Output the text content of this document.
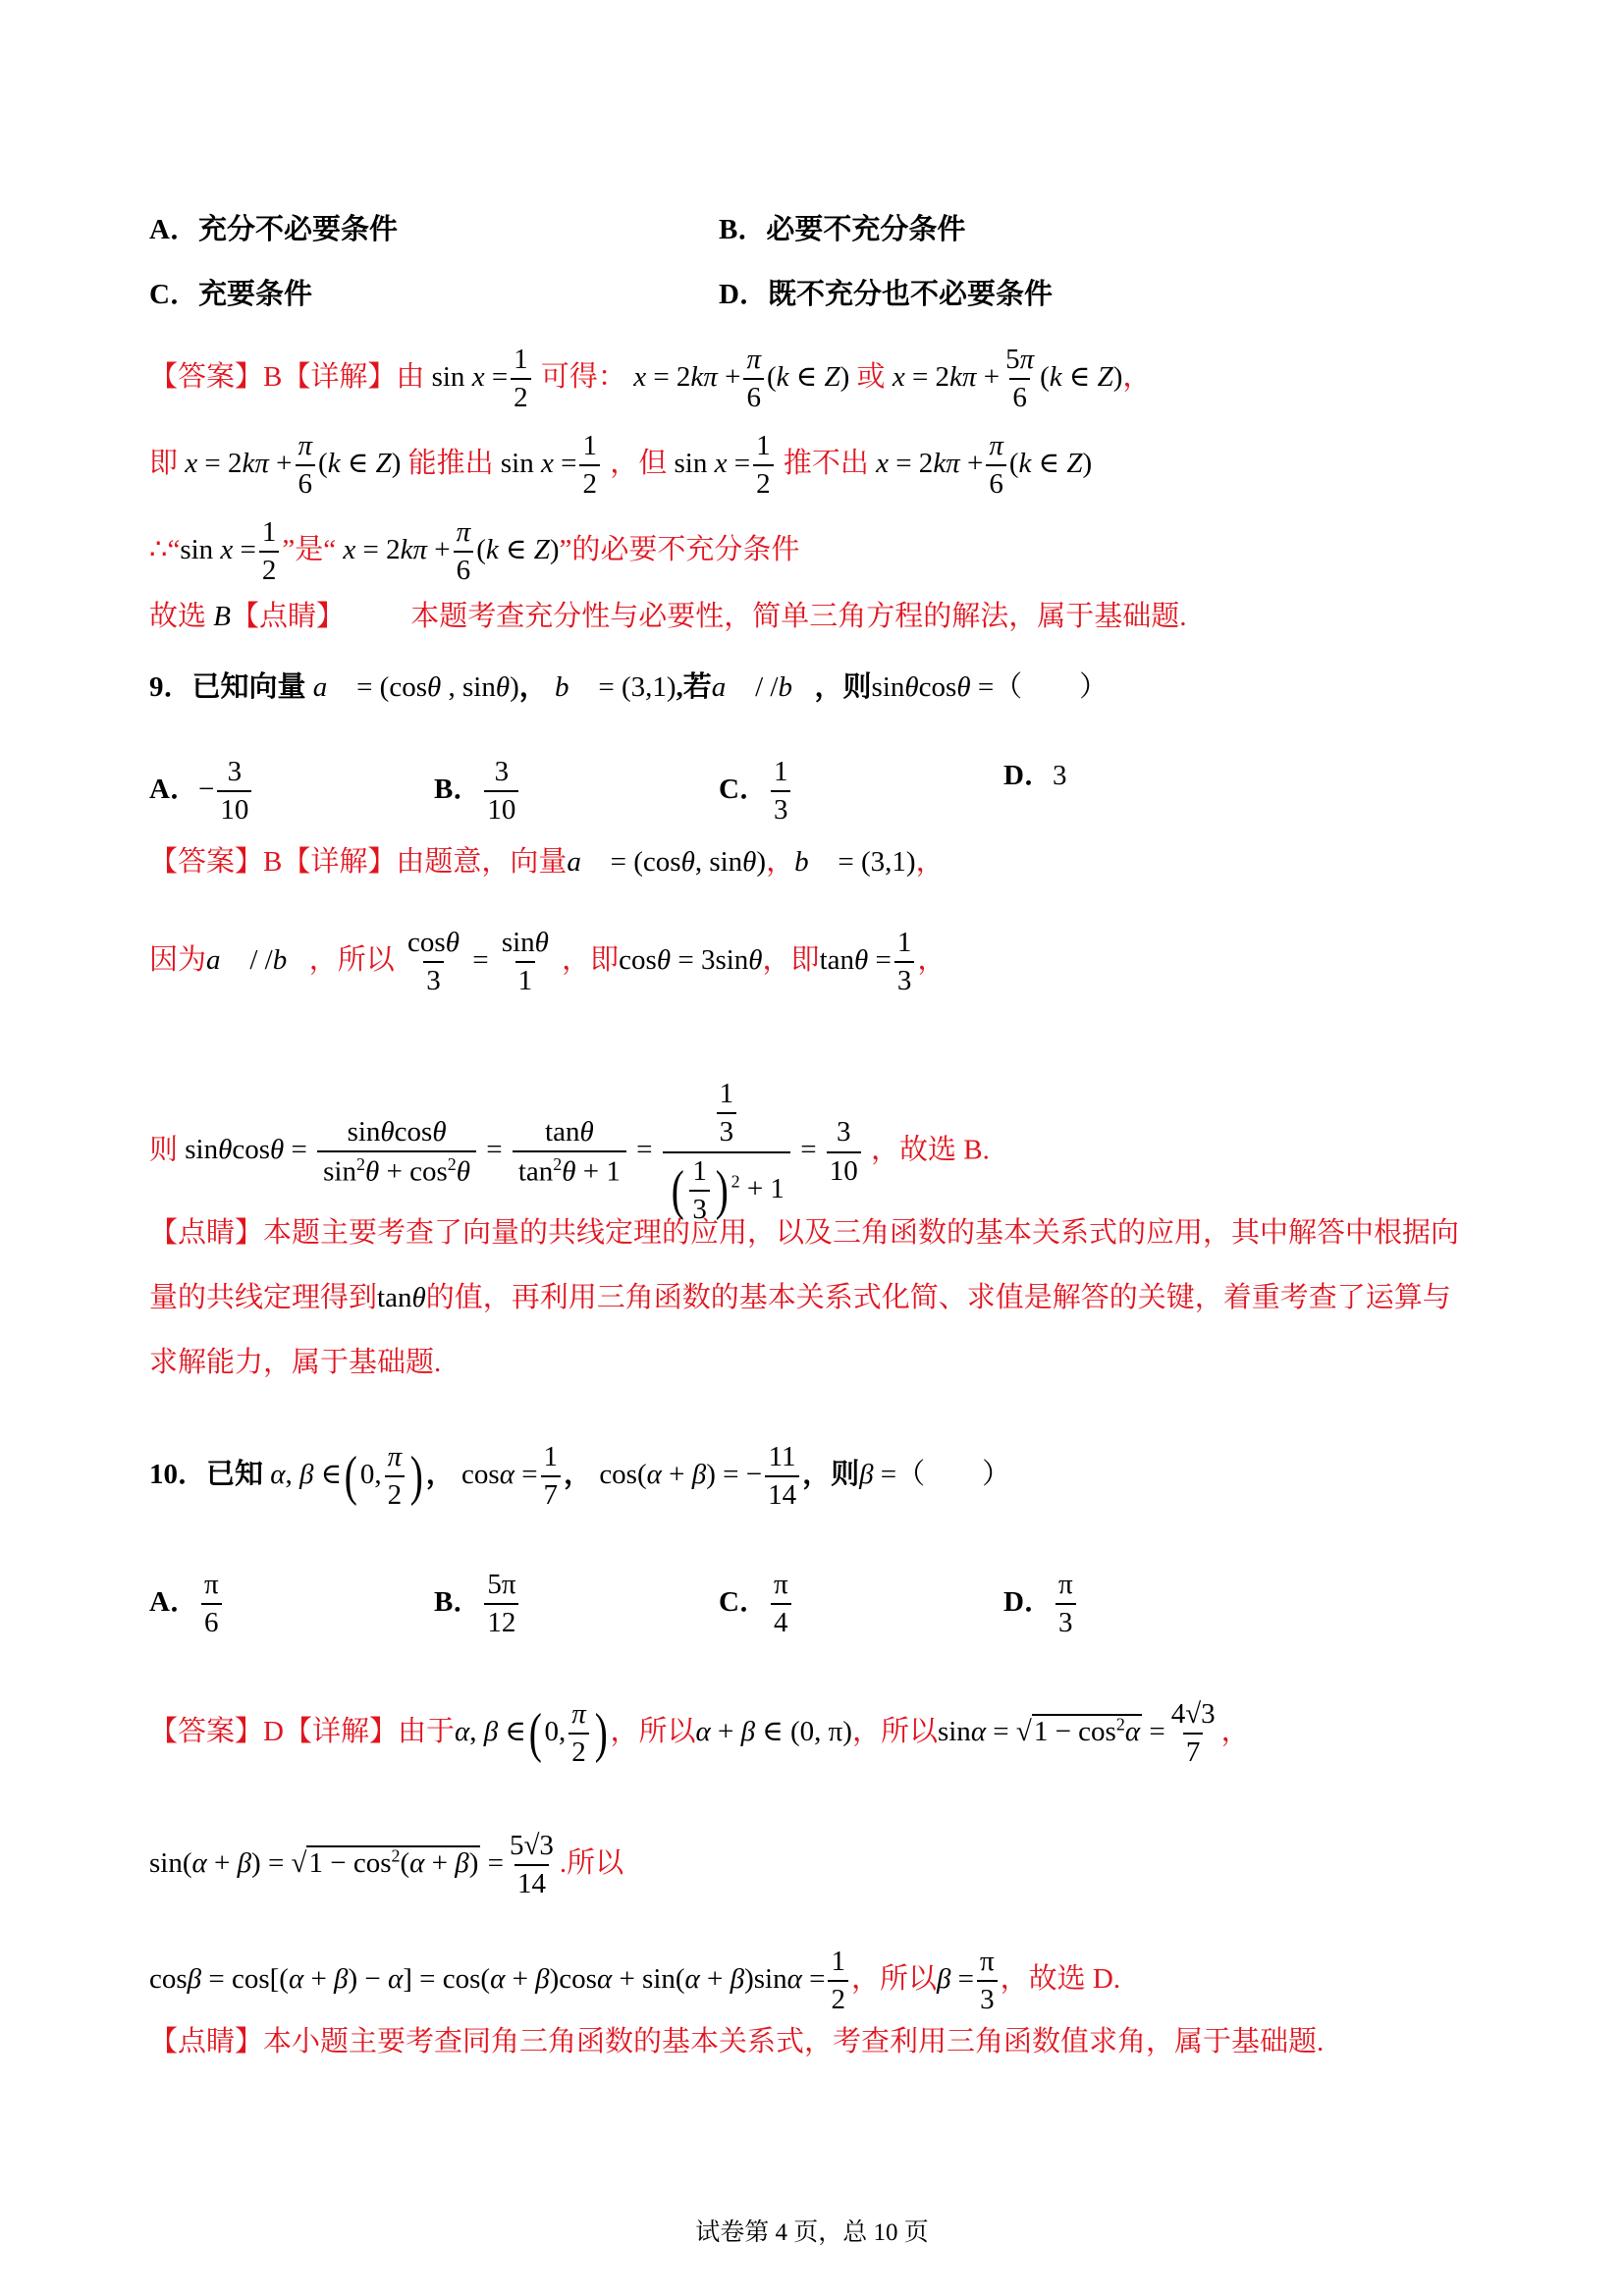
A．充分不必要条件	B．必要不充分条件
C．充要条件	D．既不充分也不必要条件
【答案】B【详解】由 $\sin x = \frac{1}{2}$ 可得： $x = 2k\pi + \frac{\pi}{6} (k$ ∈ Z) 或 $x = 2k\pi + \frac{5\pi}{6} (k$ ∈ Z)，
即 $x = 2k\pi + \frac{\pi}{6} (k$ ∈ Z) 能推出 $\sin x = \frac{1}{2}$ ，但 $\sin x = \frac{1}{2}$ 推不出 $x = 2k\pi + \frac{\pi}{6} (k$ ∈ Z)
∴“sin $x = \frac{1}{2}$ ”是“ $x = 2k\pi + \frac{\pi}{6} (k$ ∈ Z)”的必要不充分条件
故选 B【点睛】 本题考查充分性与必要性，简单三角方程的解法，属于基础题.
9．已知向量 a⃗ = (cosθ , sinθ)， b⃗ = (3,1),若a⃗ / /b⃗，则sinθcosθ =（　　）
A．− $\frac{3}{10}$	B． $\frac{3}{10}$	C． $\frac{1}{3}$	D．3
【答案】B【详解】由题意，向量a⃗ = (cosθ, sinθ)，b⃗ = (3,1)，
因为a⃗ / /b⃗，所以 $\frac{\cos\theta}{3} = \frac{\sin\theta}{1}$ ，即cosθ = 3sinθ，即$\tan\theta = \frac{1}{3}$ ，
则 $\sin\theta\cos\theta = \frac{\sin\theta\cos\theta}{\sin^2\theta + \cos^2\theta} = \frac{\tan\theta}{\tan^2\theta + 1} = \frac{\frac{1}{3}}{( \frac{1}{3} ) ^2 + 1} = \frac{3}{10}$ ，故选 B.
【点睛】本题主要考查了向量的共线定理的应用，以及三角函数的基本关系式的应用，其中解答中根据向
量的共线定理得到tanθ的值，再利用三角函数的基本关系式化简、求值是解答的关键，着重考查了运算与
求解能力，属于基础题.
10．已知 α, β ∈(0, $\frac{\pi}{2}$ )， $\cos\alpha = \frac{1}{7}$ ， cos(α + β) = − $\frac{11}{14}$ ，则β =（　　）
A． $\frac{\pi}{6}$	B． $\frac{5\pi}{12}$	C． $\frac{\pi}{4}$	D． $\frac{\pi}{3}$
【答案】D【详解】由于α, β ∈(0, $\frac{\pi}{2}$ )，所以α + β ∈ (0, π)，所以$\sin\alpha = √1 - \cos^2\alpha = \frac{4√3}{7}$ ，
$\sin(\alpha + \beta) = √1 - \cos^2(\alpha + \beta) = \frac{5√3}{14}$ .所以
$\cos\beta = \cos[(\alpha + \beta) - \alpha] = \cos(\alpha + \beta)\cos\alpha + \sin(\alpha + \beta)\sin\alpha = \frac{1}{2}$ ，所以$\beta = \frac{\pi}{3}$ ，故选 D.
【点睛】本小题主要考查同角三角函数的基本关系式，考查利用三角函数值求角，属于基础题.
试卷第 4 页，总 10 页
